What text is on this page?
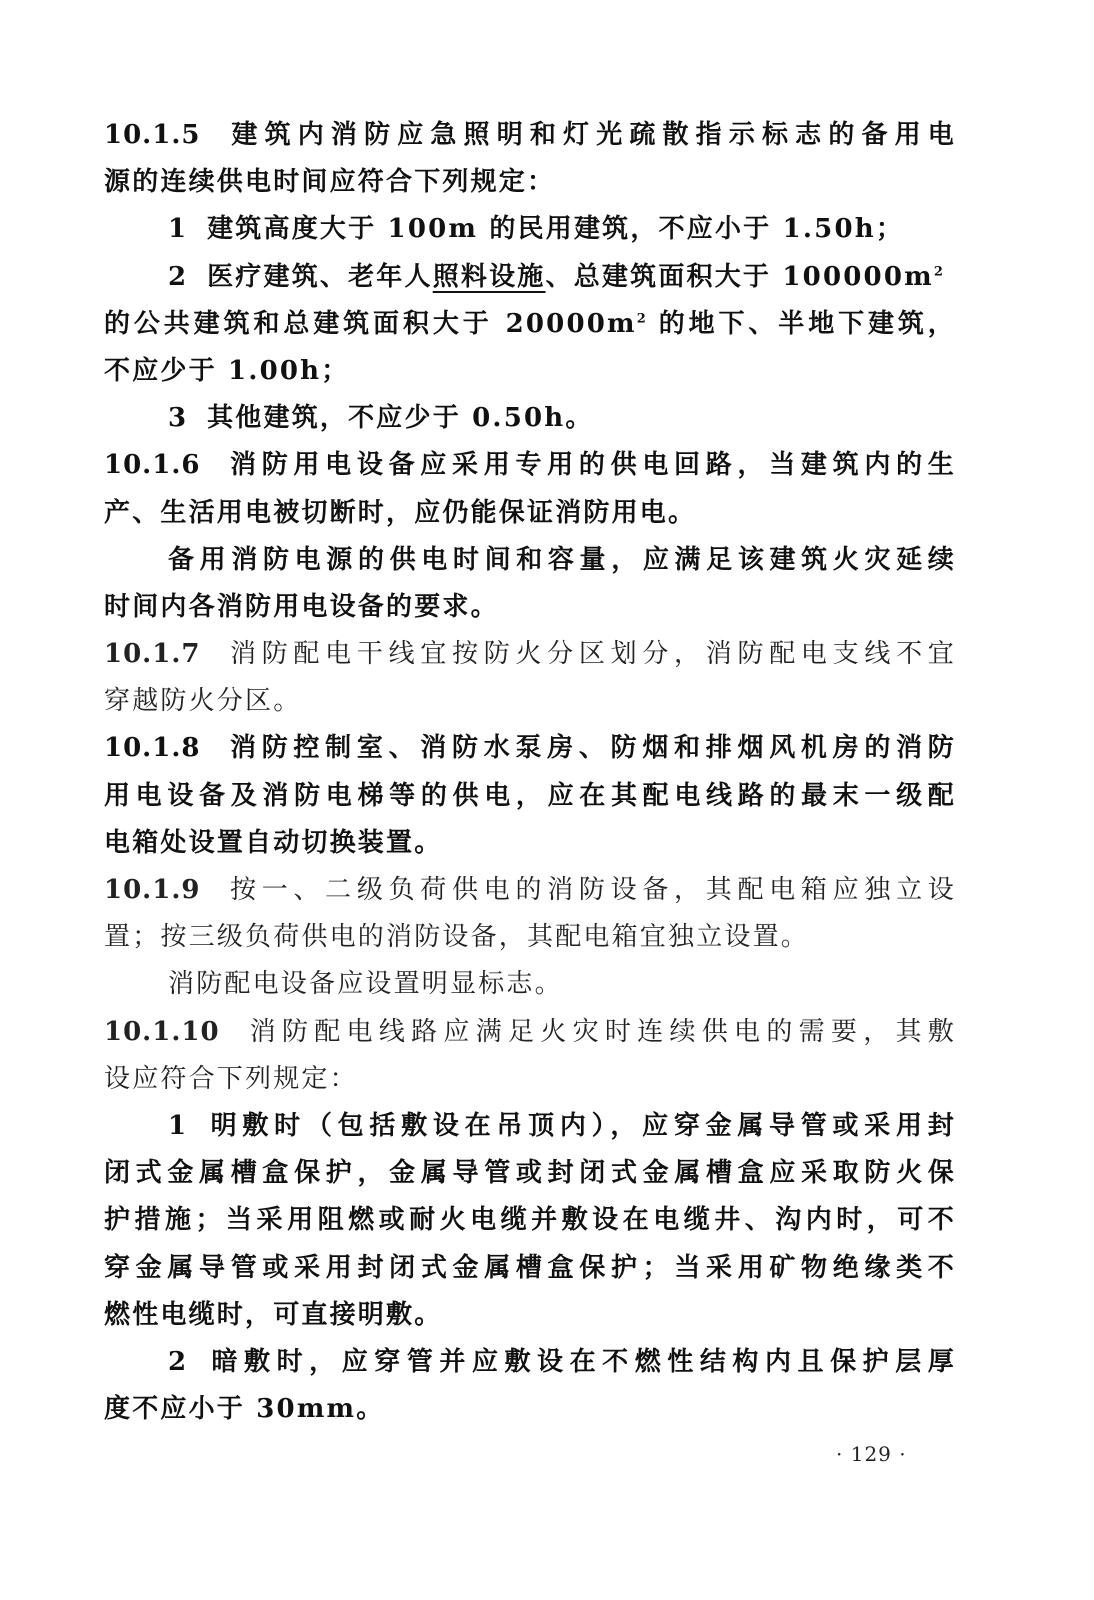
10.1.5 建筑内消防应急照明和灯光疏散指示标志的备用电
源的连续供电时间应符合下列规定：
1 建筑高度大于 100m 的民用建筑，不应小于 1.50h；
2 医疗建筑、老年人照料设施、总建筑面积大于 $100000m^2$
的公共建筑和总建筑面积大于 $20000m^2$ 的地下、半地下建筑，
不应少于 1.00h；
3 其他建筑，不应少于 0.50h。
10.1.6 消防用电设备应采用专用的供电回路，当建筑内的生
产、生活用电被切断时，应仍能保证消防用电。
备用消防电源的供电时间和容量，应满足该建筑火灾延续
时间内各消防用电设备的要求。
10.1.7 消防配电干线宜按防火分区划分，消防配电支线不宜
穿越防火分区。
10.1.8 消防控制室、消防水泵房、防烟和排烟风机房的消防
用电设备及消防电梯等的供电，应在其配电线路的最末一级配
电箱处设置自动切换装置。
10.1.9 按一、二级负荷供电的消防设备，其配电箱应独立设
置；按三级负荷供电的消防设备，其配电箱宜独立设置。
消防配电设备应设置明显标志。
10.1.10 消防配电线路应满足火灾时连续供电的需要，其敷
设应符合下列规定：
1 明敷时（包括敷设在吊顶内），应穿金属导管或采用封
闭式金属槽盒保护，金属导管或封闭式金属槽盒应采取防火保
护措施；当采用阻燃或耐火电缆并敷设在电缆井、沟内时，可不
穿金属导管或采用封闭式金属槽盒保护；当采用矿物绝缘类不
燃性电缆时，可直接明敷。
2 暗敷时，应穿管并应敷设在不燃性结构内且保护层厚
度不应小于 30mm。
· 129 ·
